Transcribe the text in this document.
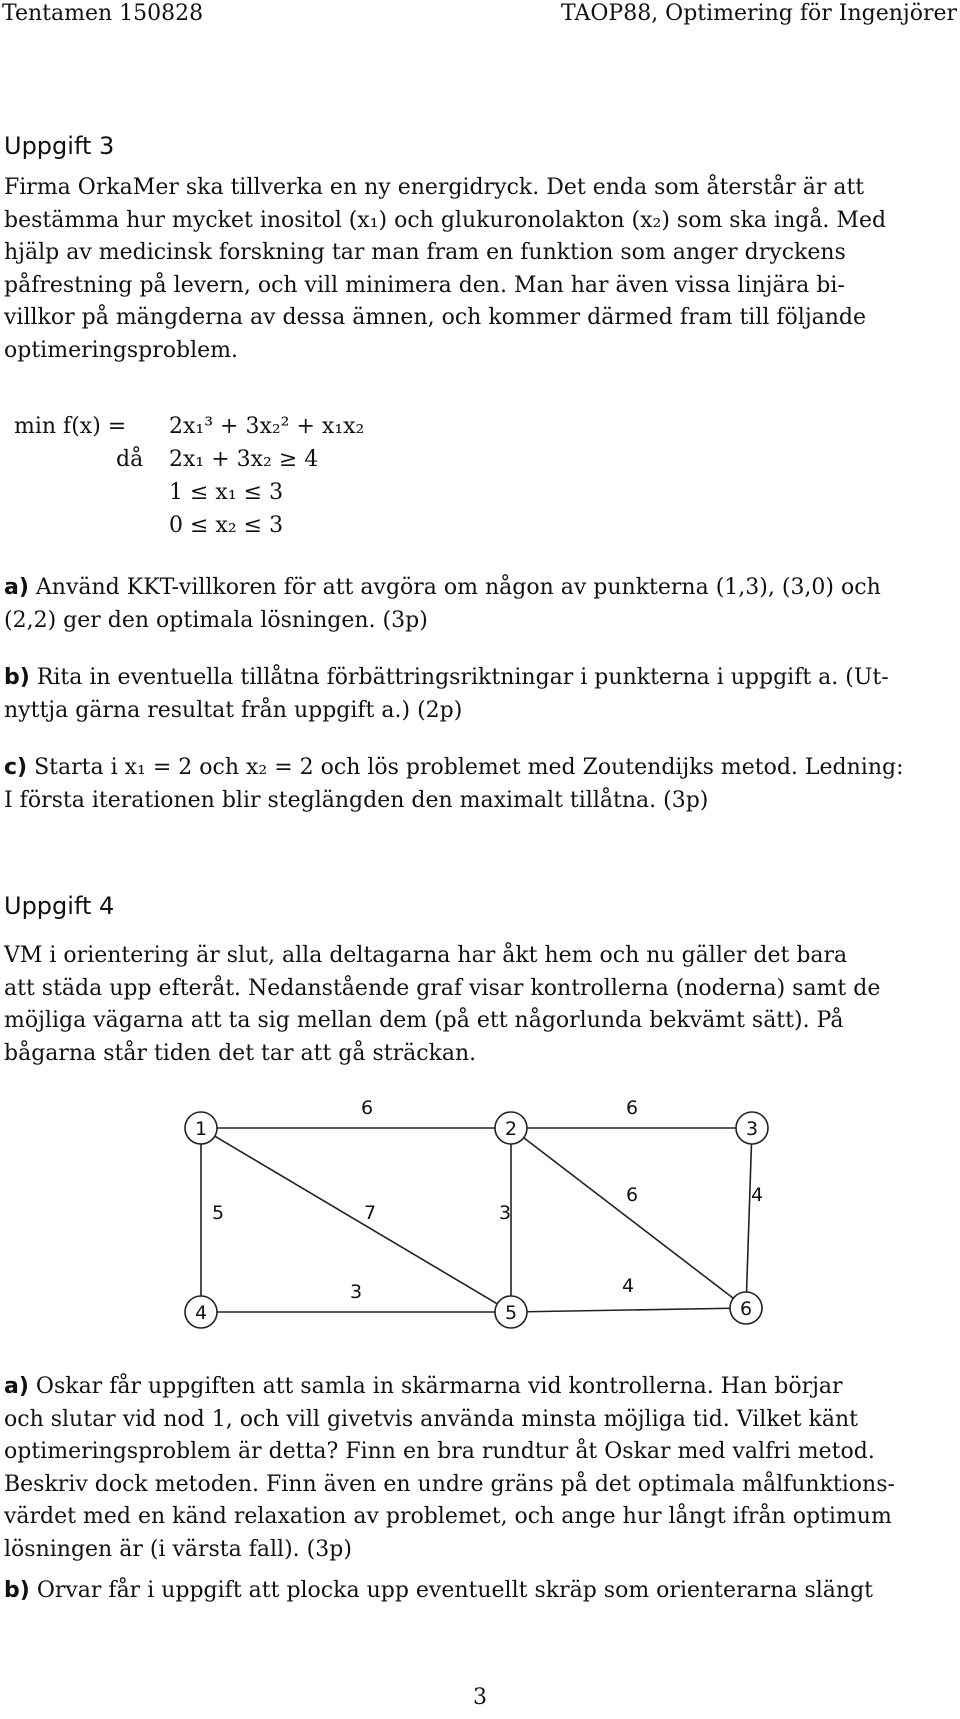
Tentamen 150828	TAOP88, Optimering för Ingenjörer
Uppgift 3
Firma OrkaMer ska tillverka en ny energidryck. Det enda som återstår är att
bestämma hur mycket inositol (x₁) och glukuronolakton (x₂) som ska ingå. Med
hjälp av medicinsk forskning tar man fram en funktion som anger dryckens
påfrestning på levern, och vill minimera den. Man har även vissa linjära bi-
villkor på mängderna av dessa ämnen, och kommer därmed fram till följande
optimeringsproblem.
min f(x) = 2x₁³ + 3x₂² + x₁x₂
då 2x₁ + 3x₂ ≥ 4
1 ≤ x₁ ≤ 3
0 ≤ x₂ ≤ 3
a) Använd KKT-villkoren för att avgöra om någon av punkterna (1,3), (3,0) och
(2,2) ger den optimala lösningen. (3p)
b) Rita in eventuella tillåtna förbättringsriktningar i punkterna i uppgift a. (Ut-
nyttja gärna resultat från uppgift a.) (2p)
c) Starta i x₁ = 2 och x₂ = 2 och lös problemet med Zoutendijks metod. Ledning:
I första iterationen blir steglängden den maximalt tillåtna. (3p)
Uppgift 4
VM i orientering är slut, alla deltagarna har åkt hem och nu gäller det bara
att städa upp efteråt. Nedanstående graf visar kontrollerna (noderna) samt de
möjliga vägarna att ta sig mellan dem (på ett någorlunda bekvämt sätt). På
bågarna står tiden det tar att gå sträckan.
6	6
5	7	3
6	4
3	4
1	2	3
4	5	6
a) Oskar får uppgiften att samla in skärmarna vid kontrollerna. Han börjar
och slutar vid nod 1, och vill givetvis använda minsta möjliga tid. Vilket känt
optimeringsproblem är detta? Finn en bra rundtur åt Oskar med valfri metod.
Beskriv dock metoden. Finn även en undre gräns på det optimala målfunktions-
värdet med en känd relaxation av problemet, och ange hur långt ifrån optimum
lösningen är (i värsta fall). (3p)
b) Orvar får i uppgift att plocka upp eventuellt skräp som orienterarna slängt
3
